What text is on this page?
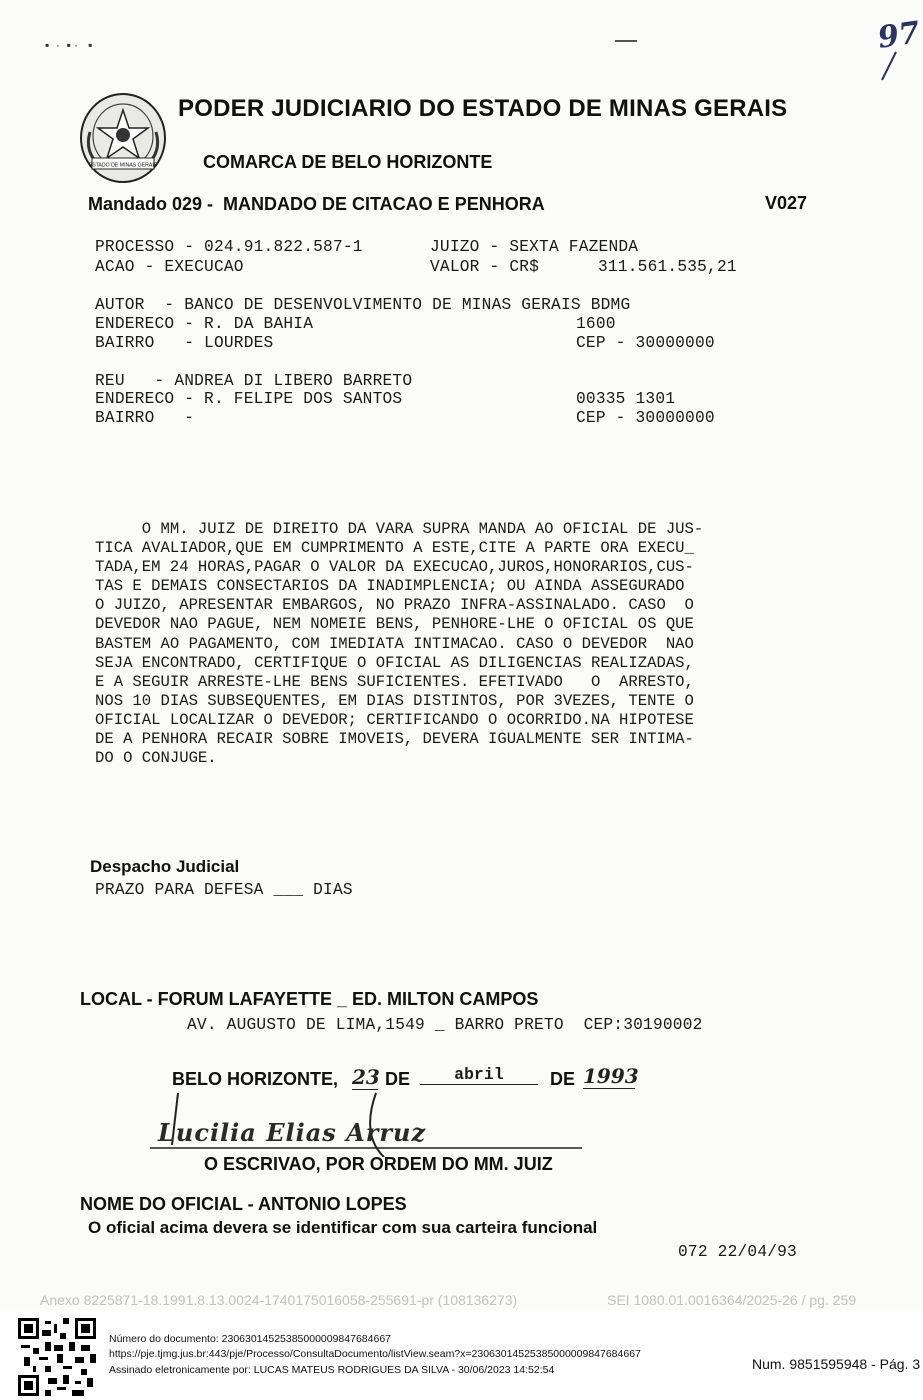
▪  ·  ▪ ·   ▪	97
ESTADO DE MINAS GERAIS
PODER JUDICIARIO DO ESTADO DE MINAS GERAIS
COMARCA DE BELO HORIZONTE
Mandado 029 -  MANDADO DE CITACAO E PENHORA	V027
PROCESSO - 024.91.822.587-1	JUIZO - SEXTA FAZENDA
ACAO - EXECUCAO	VALOR - CR$	311.561.535,21
AUTOR  - BANCO DE DESENVOLVIMENTO DE MINAS GERAIS BDMG
ENDERECO - R. DA BAHIA	1600
BAIRRO   - LOURDES	CEP - 30000000
REU   - ANDREA DI LIBERO BARRETO
ENDERECO - R. FELIPE DOS SANTOS	00335 1301
BAIRRO   -	CEP - 30000000
O MM. JUIZ DE DIREITO DA VARA SUPRA MANDA AO OFICIAL DE JUS-
TICA AVALIADOR,QUE EM CUMPRIMENTO A ESTE,CITE A PARTE ORA EXECU_
TADA,EM 24 HORAS,PAGAR O VALOR DA EXECUCAO,JUROS,HONORARIOS,CUS-
TAS E DEMAIS CONSECTARIOS DA INADIMPLENCIA; OU AINDA ASSEGURADO
O JUIZO, APRESENTAR EMBARGOS, NO PRAZO INFRA-ASSINALADO. CASO  O
DEVEDOR NAO PAGUE, NEM NOMEIE BENS, PENHORE-LHE O OFICIAL OS QUE
BASTEM AO PAGAMENTO, COM IMEDIATA INTIMACAO. CASO O DEVEDOR  NAO
SEJA ENCONTRADO, CERTIFIQUE O OFICIAL AS DILIGENCIAS REALIZADAS,
E A SEGUIR ARRESTE-LHE BENS SUFICIENTES. EFETIVADO   O  ARRESTO,
NOS 10 DIAS SUBSEQUENTES, EM DIAS DISTINTOS, POR 3VEZES, TENTE O
OFICIAL LOCALIZAR O DEVEDOR; CERTIFICANDO O OCORRIDO.NA HIPOTESE
DE A PENHORA RECAIR SOBRE IMOVEIS, DEVERA IGUALMENTE SER INTIMA-
DO O CONJUGE.
Despacho Judicial
PRAZO PARA DEFESA ___ DIAS
LOCAL - FORUM LAFAYETTE _ ED. MILTON CAMPOS
AV. AUGUSTO DE LIMA,1549 _ BARRO PRETO  CEP:30190002
BELO HORIZONTE, 23 DE	abril	DE 1993
Lucilia Elias Arruz
O ESCRIVAO, POR ORDEM DO MM. JUIZ
NOME DO OFICIAL - ANTONIO LOPES
O oficial acima devera se identificar com sua carteira funcional
072 22/04/93
Anexo 8225871-18.1991.8.13.0024-1740175016058-255691-pr (108136273)	SEI 1080.01.0016364/2025-26 / pg. 259
Número do documento: 23063014525385000009847684667
https://pje.tjmg.jus.br:443/pje/Processo/ConsultaDocumento/listView.seam?x=23063014525385000009847684667
Assinado eletronicamente por: LUCAS MATEUS RODRIGUES DA SILVA - 30/06/2023 14:52:54	Num. 9851595948 - Pág. 3
